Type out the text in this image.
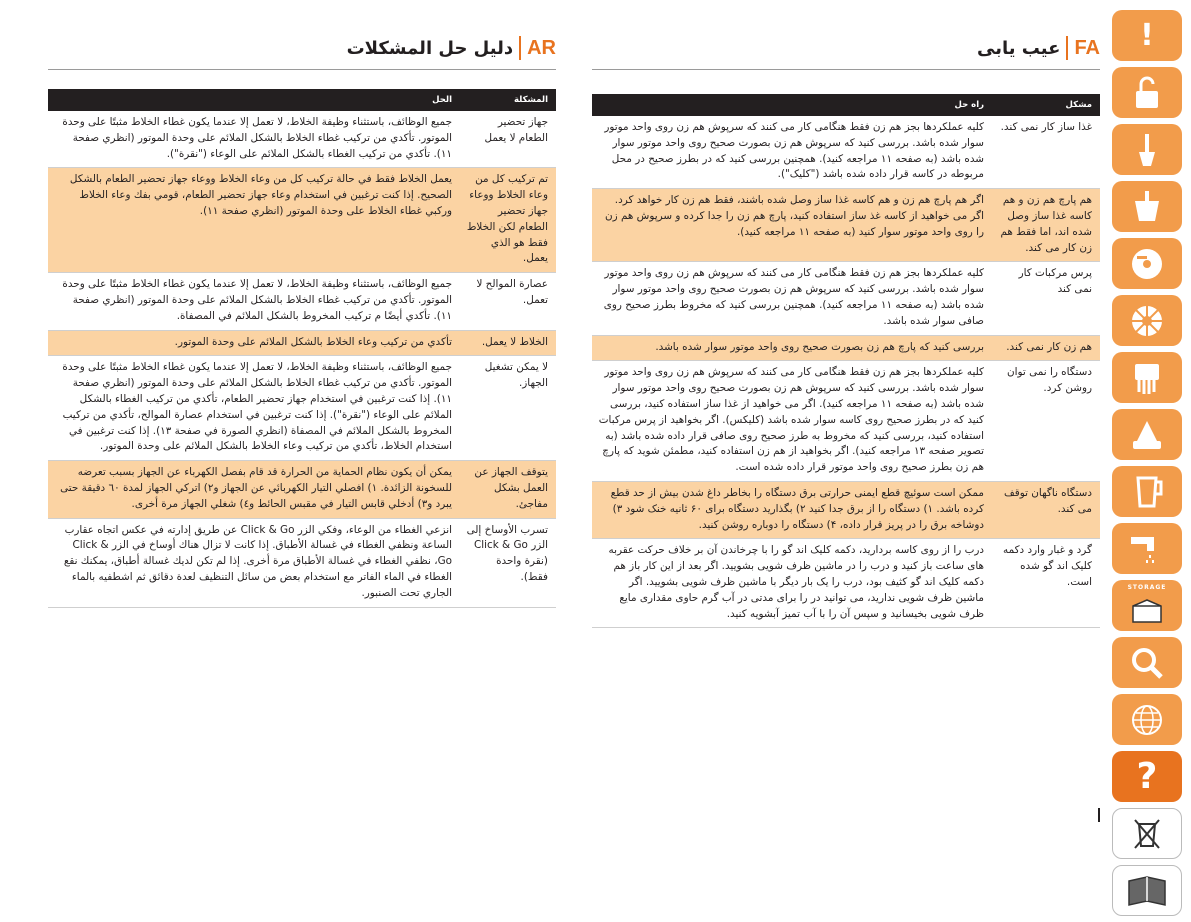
AR
دليل حل المشكلات
المشكلة	الحل
جهاز تحضير الطعام لا يعمل	جميع الوظائف، باستثناء وظيفة الخلاط، لا تعمل إلا عندما يكون غطاء الخلاط مثبتًا على وحدة الموتور. تأكدي من تركيب غطاء الخلاط بالشكل الملائم على وحدة الموتور (انظري صفحة ١١). تأكدي من تركيب الغطاء بالشكل الملائم على الوعاء ("نقرة").
تم تركيب كل من وعاء الخلاط ووعاء جهاز تحضير الطعام لكن الخلاط فقط هو الذي يعمل.	يعمل الخلاط فقط في حالة تركيب كل من وعاء الخلاط ووعاء جهاز تحضير الطعام بالشكل الصحيح. إذا كنت ترغبين في استخدام وعاء جهاز تحضير الطعام، قومي بفك وعاء الخلاط وركبي غطاء الخلاط على وحدة الموتور (انظري صفحة ١١).
عصارة الموالح لا تعمل.	جميع الوظائف، باستثناء وظيفة الخلاط، لا تعمل إلا عندما يكون غطاء الخلاط مثبتًا على وحدة الموتور. تأكدي من تركيب غطاء الخلاط بالشكل الملائم على وحدة الموتور (انظري صفحة ١١). تأكدي أيضًا م تركيب المخروط بالشكل الملائم في المصفاة.
الخلاط لا يعمل.	تأكدي من تركيب وعاء الخلاط بالشكل الملائم على وحدة الموتور.
لا يمكن تشغيل الجهاز.	جميع الوظائف، باستثناء وظيفة الخلاط، لا تعمل إلا عندما يكون غطاء الخلاط مثبتًا على وحدة الموتور. تأكدي من تركيب غطاء الخلاط بالشكل الملائم على وحدة الموتور (انظري صفحة ١١). إذا كنت ترغبين في استخدام جهاز تحضير الطعام، تأكدي من تركيب الغطاء بالشكل الملائم على الوعاء ("نقرة"). إذا كنت ترغبين في استخدام عصارة الموالح، تأكدي من تركيب المخروط بالشكل الملائم في المصفاة (انظري الصورة في صفحة ١٣). إذا كنت ترغبين في استخدام الخلاط، تأكدي من تركيب وعاء الخلاط بالشكل الملائم على وحدة الموتور.
يتوقف الجهاز عن العمل بشكل مفاجئ.	يمكن أن يكون نظام الحماية من الحرارة قد قام بفصل الكهرباء عن الجهاز بسبب تعرضه للسخونة الزائدة. ١) افصلي التيار الكهربائي عن الجهاز و٢) اتركي الجهاز لمدة ٦٠ دقيقة حتى يبرد و٣) أدخلي قابس التيار في مقبس الحائط و٤) شغلي الجهاز مرة أخرى.
تسرب الأوساخ إلى الزر Click & Go (نقرة واحدة فقط).	انزعي الغطاء من الوعاء، وفكي الزر Click & Go عن طريق إدارته في عكس اتجاه عقارب الساعة ونظفي الغطاء في غسالة الأطباق. إذا كانت لا تزال هناك أوساخ في الزر Click & Go، نظفي الغطاء في غسالة الأطباق مرة أخرى. إذا لم تكن لديك غسالة أطباق، يمكنك نقع الغطاء في الماء الفاتر مع استخدام بعض من سائل التنظيف لعدة دقائق ثم اشطفيه بالماء الجاري تحت الصنبور.
FA
عیب یابی
مشکل	راه حل
غذا ساز کار نمی کند.	کلیه عملکردها بجز هم زن فقط هنگامی کار می کنند که سرپوش هم زن روی واحد موتور سوار شده باشد. بررسی کنید که سرپوش هم زن بصورت صحیح روی واحد موتور سوار شده باشد (به صفحه ۱۱ مراجعه کنید). همچنین بررسی کنید که در بطرز صحیح در محل مربوطه در کاسه قرار داده شده باشد ("کلیک").
هم پارچ هم زن و هم کاسه غذا ساز وصل شده اند، اما فقط هم زن کار می کند.	اگر هم پارچ هم زن و هم کاسه غذا ساز وصل شده باشند، فقط هم زن کار خواهد کرد. اگر می خواهید از کاسه غذ ساز استفاده کنید، پارچ هم زن را جدا کرده و سرپوش هم زن را روی واحد موتور سوار کنید (به صفحه ۱۱ مراجعه کنید).
پرس مرکبات کار نمی کند	کلیه عملکردها بجز هم زن فقط هنگامی کار می کنند که سرپوش هم زن روی واحد موتور سوار شده باشد. بررسی کنید که سرپوش هم زن بصورت صحیح روی واحد موتور سوار شده باشد (به صفحه ۱۱ مراجعه کنید). همچنین بررسی کنید که مخروط بطرز صحیح روی صافی سوار شده باشد.
هم زن کار نمی کند.	بررسی کنید که پارچ هم زن بصورت صحیح روی واحد موتور سوار شده باشد.
دستگاه را نمی توان روشن کرد.	کلیه عملکردها بجز هم زن فقط هنگامی کار می کنند که سرپوش هم زن روی واحد موتور سوار شده باشد. بررسی کنید که سرپوش هم زن بصورت صحیح روی واحد موتور سوار شده باشد (به صفحه ۱۱ مراجعه کنید). اگر می خواهید از غذا ساز استفاده کنید، بررسی کنید که در بطرز صحیح روی کاسه سوار شده باشد (کلیکس). اگر بخواهید از پرس مرکبات استفاده کنید، بررسی کنید که مخروط به طرز صحیح روی صافی قرار داده شده باشد (به تصویر صفحه ۱۳ مراجعه کنید). اگر بخواهید از هم زن استفاده کنید، مطمئن شوید که پارچ هم زن بطرز صحیح روی واحد موتور قرار داده شده است.
دستگاه ناگهان توقف می کند.	ممکن است سوئیچ قطع ایمنی حرارتی برق دستگاه را بخاطر داغ شدن بیش از حد قطع کرده باشد. ۱) دستگاه را از برق جدا کنید ۲) بگذارید دستگاه برای ۶۰ ثانیه خنک شود ۳) دوشاخه برق را در پریز قرار داده، ۴) دستگاه را دوباره روشن کنید.
گرد و غبار وارد دکمه کلیک اند گو شده است.	درب را از روی کاسه بردارید، دکمه کلیک اند گو را با چرخاندن آن بر خلاف حرکت عقربه های ساعت باز کنید و درب را در ماشین ظرف شویی بشویید. اگر بعد از این کار باز هم دکمه کلیک اند گو کثیف بود، درب را یک بار دیگر با ماشین ظرف شویی بشویید. اگر ماشین ظرف شویی ندارید، می توانید در را برای مدتی در آب گرم حاوی مقداری مایع ظرف شویی بخیسانید و سپس آن را با آب تمیز آبشویه کنید.
!
STORAGE
?
